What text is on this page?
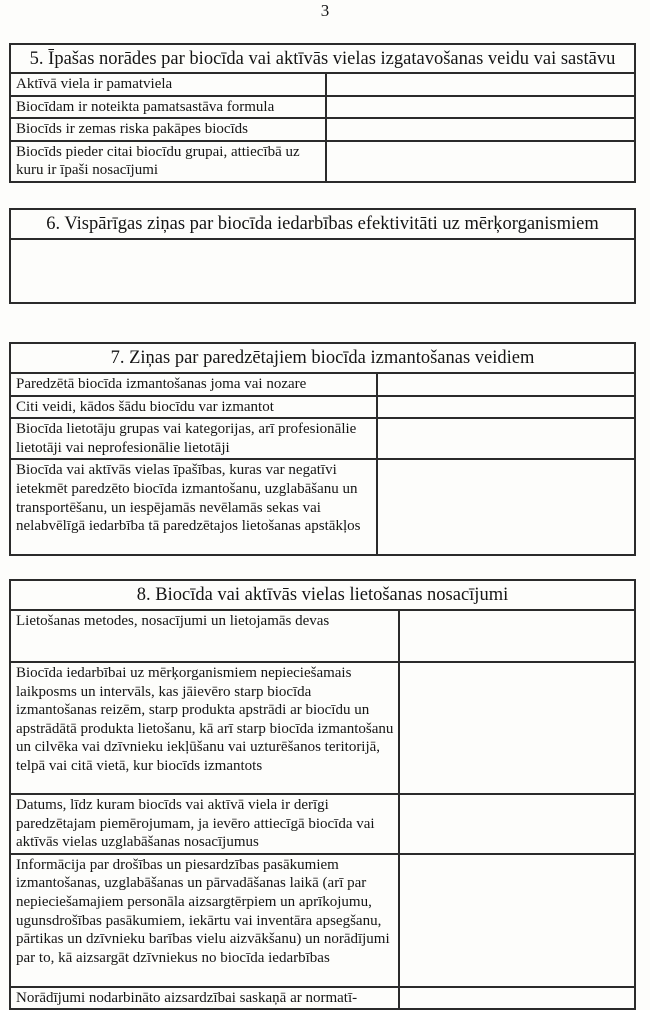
3
5. Īpašas norādes par biocīda vai aktīvās vielas izgatavošanas veidu vai sastāvu	
Aktīvā viela ir pamatviela	
Biocīdam ir noteikta pamatsastāva formula	
Biocīds ir zemas riska pakāpes biocīds	
Biocīds pieder citai biocīdu grupai, attiecībā uz kuru ir īpaši nosacījumi	
6. Vispārīgas ziņas par biocīda iedarbības efektivitāti uz mērķorganismiem

7. Ziņas par paredzētajiem biocīda izmantošanas veidiem	
Paredzētā biocīda izmantošanas joma vai nozare	
Citi veidi, kādos šādu biocīdu var izmantot	
Biocīda lietotāju grupas vai kategorijas, arī profesionālie lietotāji vai neprofesionālie lietotāji	
Biocīda vai aktīvās vielas īpašības, kuras var negatīvi ietekmēt paredzēto biocīda izmantošanu, uzglabāšanu un transportēšanu, un iespējamās nevēlamās sekas vai nelabvēlīgā iedarbība tā paredzētajos lietošanas apstākļos	
8. Biocīda vai aktīvās vielas lietošanas nosacījumi	
Lietošanas metodes, nosacījumi un lietojamās devas	
Biocīda iedarbībai uz mērķorganismiem nepieciešamais laikposms un intervāls, kas jāievēro starp biocīda izmantošanas reizēm, starp produkta apstrādi ar biocīdu un apstrādātā produkta lietošanu, kā arī starp biocīda izmantošanu un cilvēka vai dzīvnieku iekļūšanu vai uzturēšanos teritorijā, telpā vai citā vietā, kur biocīds izmantots	
Datums, līdz kuram biocīds vai aktīvā viela ir derīgi paredzētajam piemērojumam, ja ievēro attiecīgā biocīda vai aktīvās vielas uzglabāšanas nosacījumus	
Informācija par drošības un piesardzības pasākumiem izmantošanas, uzglabāšanas un pārvadāšanas laikā (arī par nepieciešamajiem personāla aizsargtērpiem un aprīkojumu, ugunsdrošības pasākumiem, iekārtu vai inventāra apsegšanu, pārtikas un dzīvnieku barības vielu aizvākšanu) un norādījumi par to, kā aizsargāt dzīvniekus no biocīda iedarbības	
Norādījumi nodarbināto aizsardzībai saskaņā ar normatī-	
